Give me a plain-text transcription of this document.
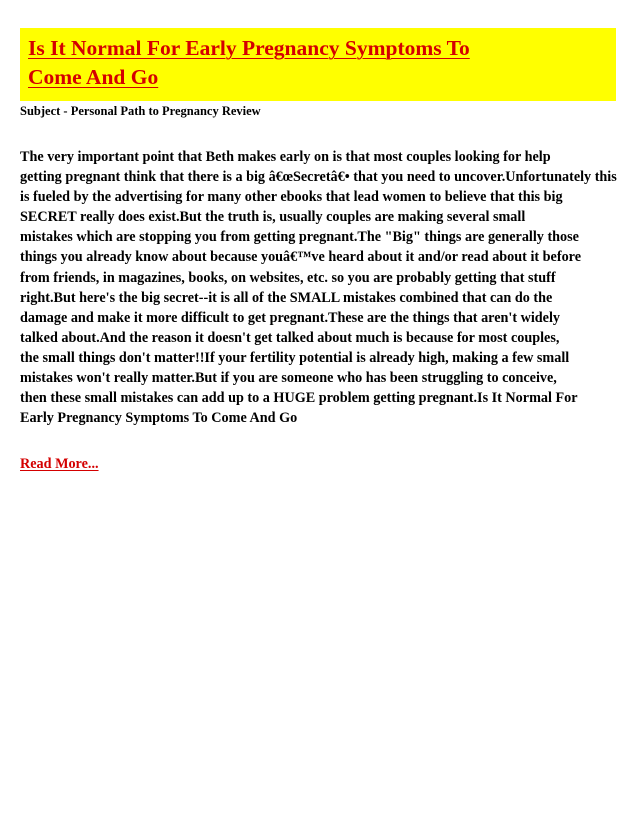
Is It Normal For Early Pregnancy Symptoms To
Come And Go
Subject - Personal Path to Pregnancy Review
The very important point that Beth makes early on is that most couples looking for help
getting pregnant think that there is a big â€œSecretâ€• that you need to uncover.Unfortunately this
is fueled by the advertising for many other ebooks that lead women to believe that this big
SECRET really does exist.But the truth is, usually couples are making several small
mistakes which are stopping you from getting pregnant.The "Big" things are generally those
things you already know about because youâ€™ve heard about it and/or read about it before
from friends, in magazines, books, on websites, etc. so you are probably getting that stuff
right.But here's the big secret--it is all of the SMALL mistakes combined that can do the
damage and make it more difficult to get pregnant.These are the things that aren't widely
talked about.And the reason it doesn't get talked about much is because for most couples,
the small things don't matter!!If your fertility potential is already high, making a few small
mistakes won't really matter.But if you are someone who has been struggling to conceive,
then these small mistakes can add up to a HUGE problem getting pregnant.Is It Normal For
Early Pregnancy Symptoms To Come And Go
Read More...
